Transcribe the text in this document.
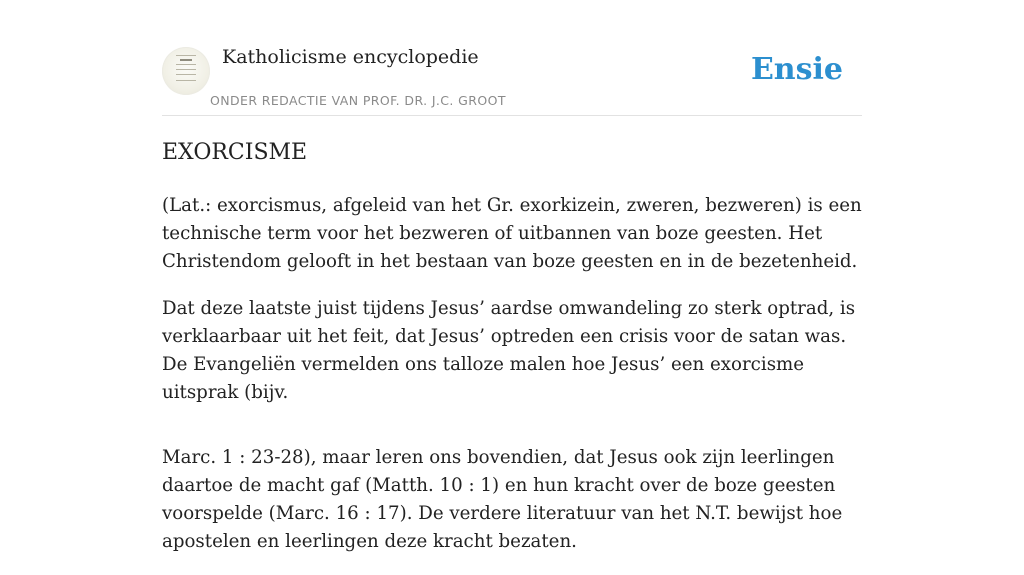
Katholicisme encyclopedie
ONDER REDACTIE VAN PROF. DR. J.C. GROOT
Ensie
EXORCISME

(Lat.: exorcismus, afgeleid van het Gr. exorkizein, zweren, bezweren) is een technische term voor het bezweren of uitbannen van boze geesten. Het Christendom gelooft in het bestaan van boze geesten en in de bezetenheid.

Dat deze laatste juist tijdens Jesus’ aardse omwandeling zo sterk optrad, is verklaarbaar uit het feit, dat Jesus’ optreden een crisis voor de satan was. De Evangeliën vermelden ons talloze malen hoe Jesus’ een exorcisme uitsprak (bijv.

Marc. 1 : 23-28), maar leren ons bovendien, dat Jesus ook zijn leerlingen daartoe de macht gaf (Matth. 10 : 1) en hun kracht over de boze geesten voorspelde (Marc. 16 : 17). De verdere literatuur van het N.T. bewijst hoe apostelen en leerlingen deze kracht bezaten.
